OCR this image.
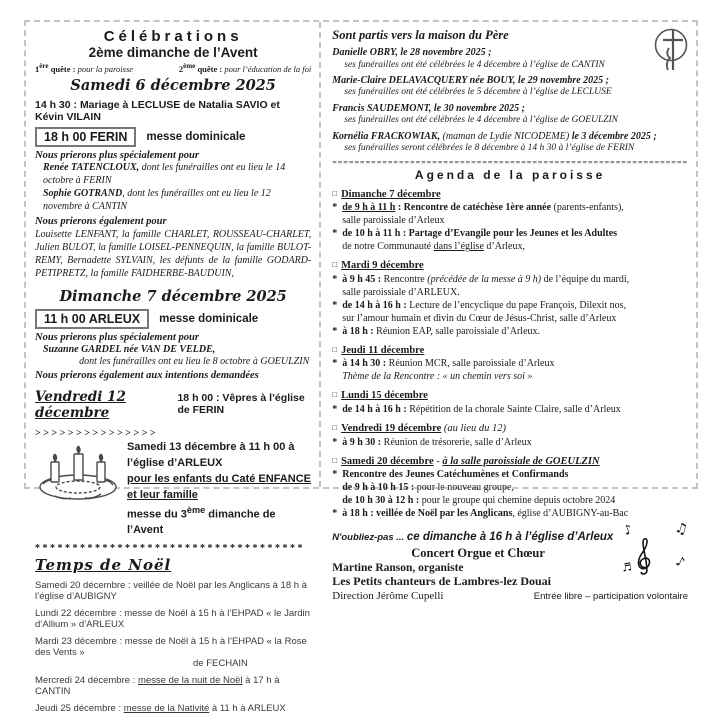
Célébrations
2ème dimanche de l’Avent
1ère quête : pour la paroisse	2ème quête : pour l’éducation de la foi
Samedi 6 décembre 2025
14 h 30 : Mariage à LECLUSE de Natalia SAVIO et Kévin VILAIN
18 h 00 FERIN	messe dominicale
Nous prierons plus spécialement pour
Renée TATENCLOUX, dont les funérailles ont eu lieu le 14 octobre à FERIN
Sophie GOTRAND, dont les funérailles ont eu lieu le 12 novembre à CANTIN
Nous prierons également pour
Louisette LENFANT, la famille CHARLET, ROUSSEAU-CHARLET, Julien BULOT, la famille LOISEL-PENNEQUIN, la famille BULOT-REMY, Bernadette SYLVAIN, les défunts de la famille GODARD-PETIPRETZ, la famille FAIDHERBE-BAUDUIN,
Dimanche 7 décembre 2025
11 h 00 ARLEUX	messe dominicale
Nous prierons plus spécialement pour
Suzanne GARDEL née VAN DE VELDE,
dont les funérailles ont eu lieu le 8 octobre à GOEULZIN
Nous prierons également aux intentions demandées
Vendredi 12 décembre
18 h 00 : Vêpres à l’église de FERIN
>>>>>>>>>>>>>>>
Samedi 13 décembre à 11 h 00 à l’église d’ARLEUX
pour les enfants du Caté ENFANCE et leur famille
messe du 3ème dimanche de l’Avent
* * * * * * * * * * * * * * * * * * * * * * * * * * * * * * * * * * * *
Temps de Noël
Samedi 20 décembre : veillée de Noël par les Anglicans à 18 h à l’église d’AUBIGNY
Lundi 22 décembre : messe de Noël à 15 h à l’EHPAD « le Jardin d’Allium » d’ARLEUX
Mardi 23 décembre : messe de Noël à 15 h à l’EHPAD « la Rose des Vents »
de FECHAIN
Mercredi 24 décembre : messe de la nuit de Noël à 17 h à CANTIN
Jeudi 25 décembre : messe de la Nativité à 11 h à ARLEUX
Sont partis vers la maison du Père
Danielle OBRY, le 28 novembre 2025 ;
ses funérailles ont été célébrées le 4 décembre à l’église de CANTIN
Marie-Claire DELAVACQUERY née BOUY, le 29 novembre 2025 ;
ses funérailles ont été célébrées le 5 décembre à l’église de LECLUSE
Francis SAUDEMONT, le 30 novembre 2025 ;
ses funérailles ont été célébrées le 4 décembre à l’église de GOEULZIN
Kornélia FRACKOWIAK, (maman de Lydie NICODEME) le 3 décembre 2025 ;
ses funérailles seront célébrées le 8 décembre à 14 h 30 à l’église de FERIN
================================================================
Agenda de la paroisse
□ Dimanche 7 décembre
* de 9 h à 11 h : Rencontre de catéchèse 1ère année (parents-enfants),
salle paroissiale d’Arleux
* de 10 h à 11 h : Partage d’Evangile pour les Jeunes et les Adultes
de notre Communauté dans l’église d’Arleux,
□ Mardi 9 décembre
* à 9 h 45 : Rencontre (précédée de la messe à 9 h) de l’équipe du mardi,
salle paroissiale d’ARLEUX.
* de 14 h à 16 h : Lecture de l’encyclique du pape François, Dilexit nos,
sur l’amour humain et divin du Cœur de Jésus-Christ, salle d’Arleux
* à 18 h : Réunion EAP, salle paroissiale d’Arleux.
□ Jeudi 11 décembre
* à 14 h 30 : Réunion MCR, salle paroissiale d’Arleux
Thème de la Rencontre : « un chemin vers soi »
□ Lundi 15 décembre
* de 14 h à 16 h : Répétition de la chorale Sainte Claire, salle d’Arleux
□ Vendredi 19 décembre (au lieu du 12)
* à 9 h 30 : Réunion de trésorerie, salle d’Arleux
□ Samedi 20 décembre - à la salle paroissiale de GOEULZIN
* Rencontre des Jeunes Catéchumènes et Confirmands
de 9 h à 10 h 15 : pour le nouveau groupe,
de 10 h 30 à 12 h : pour le groupe qui chemine depuis octobre 2024
* à 18 h : veillée de Noël par les Anglicans, église d’AUBIGNY-au-Bac
♪	♫
♪
♬
N'oubliez-pas ... ce dimanche à 16 h à l’église d’Arleux
Concert Orgue et Chœur
Martine Ranson, organiste
Les Petits chanteurs de Lambres-lez Douai
Direction Jérôme Cupelli	Entrée libre – participation volontaire
